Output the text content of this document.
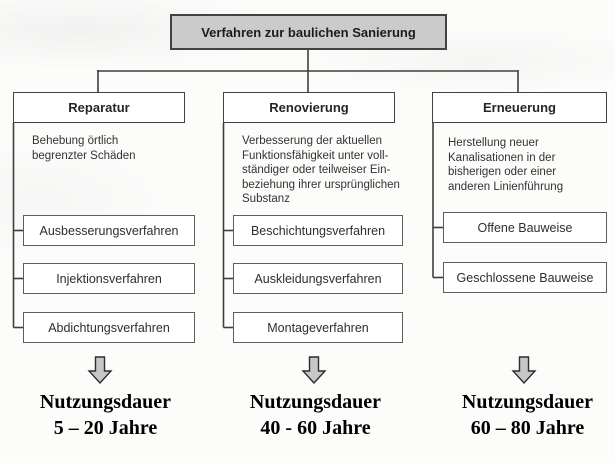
Verfahren zur baulichen Sanierung
Reparatur	Renovierung	Erneuerung
Behebung örtlich
begrenzter Schäden
Verbesserung der aktuellen
Funktionsfähigkeit unter voll-
ständiger oder teilweiser Ein-
beziehung ihrer ursprünglichen
Substanz
Herstellung neuer
Kanalisationen in der
bisherigen oder einer
anderen Linienführung
Ausbesserungsverfahren
Injektionsverfahren
Abdichtungsverfahren
Beschichtungsverfahren
Auskleidungsverfahren
Montageverfahren
Offene Bauweise
Geschlossene Bauweise
Nutzungsdauer
5 – 20 Jahre
Nutzungsdauer
40 - 60 Jahre
Nutzungsdauer
60 – 80 Jahre
